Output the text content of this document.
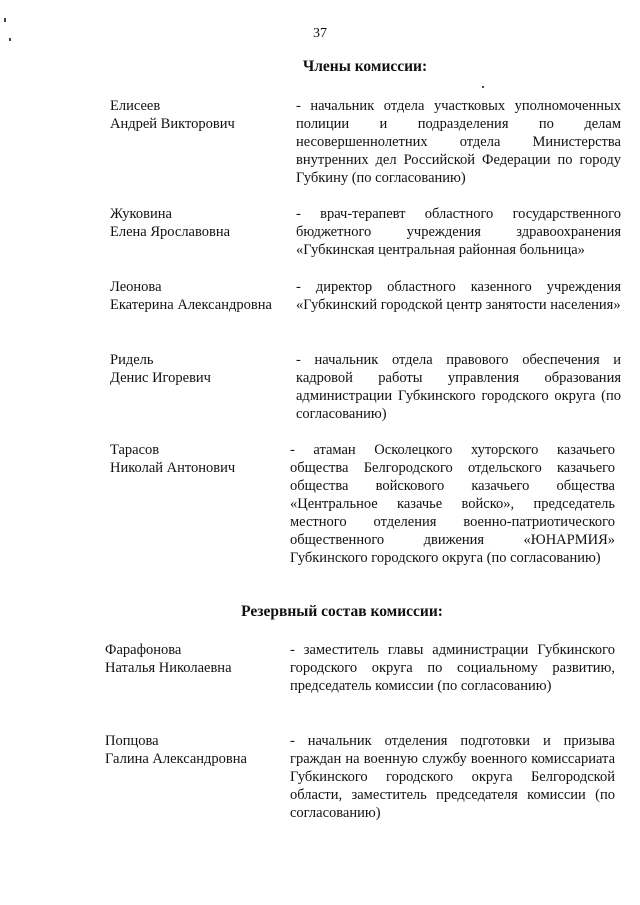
37
Члены комиссии:
Елисеев
Андрей Викторович
- начальник отдела участковых уполномоченных полиции и подразделения по делам несовершеннолетних отдела Министерства внутренних дел Российской Федерации по городу Губкину (по согласованию)
Жуковина
Елена Ярославовна
- врач-терапевт областного государственного бюджетного учреждения здравоохранения «Губкинская центральная районная больница»
Леонова
Екатерина Александровна
- директор областного казенного учреждения «Губкинский городской центр занятости населения»
Ридель
Денис Игоревич
- начальник отдела правового обеспечения и кадровой работы управления образования администрации Губкинского городского округа (по согласованию)
Тарасов
Николай Антонович
- атаман Осколецкого хуторского казачьего общества Белгородского отдельского казачьего общества войскового казачьего общества «Центральное казачье войско», председатель местного отделения военно-патриотического общественного движения «ЮНАРМИЯ» Губкинского городского округа (по согласованию)
Резервный состав комиссии:
Фарафонова
Наталья Николаевна
- заместитель главы администрации Губкинского городского округа по социальному развитию, председатель комиссии (по согласованию)
Попцова
Галина Александровна
- начальник отделения подготовки и призыва граждан на военную службу военного комиссариата Губкинского городского округа Белгородской области, заместитель председателя комиссии (по согласованию)
